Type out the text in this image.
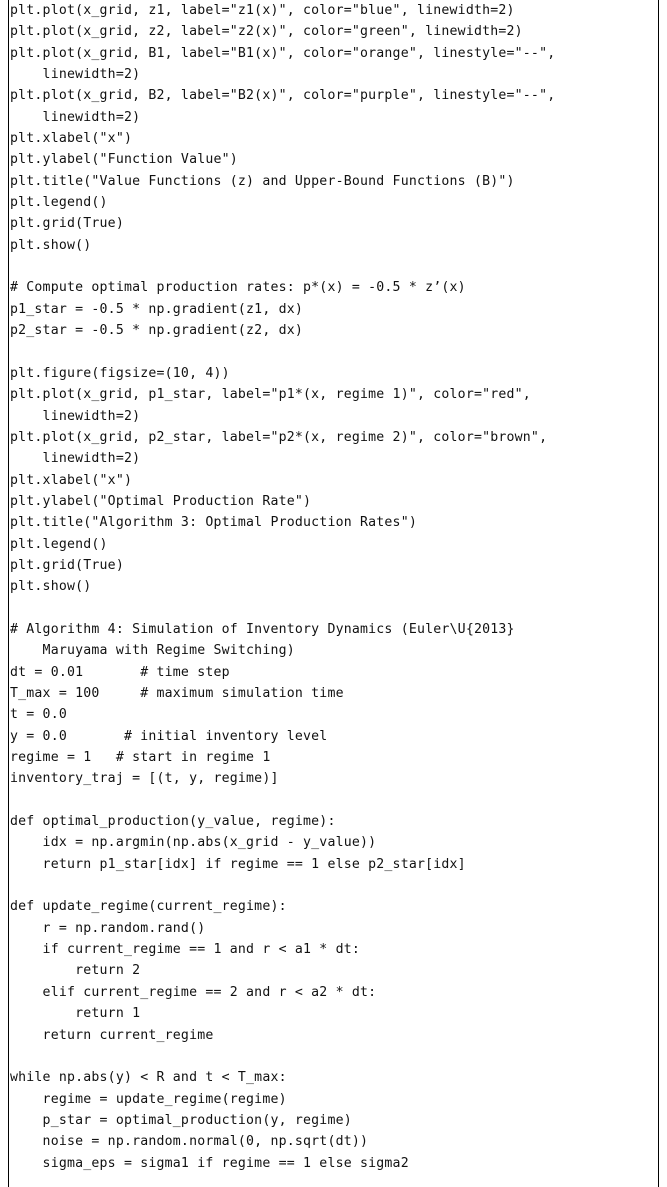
plt.plot(x_grid, z1, label="z1(x)", color="blue", linewidth=2)
plt.plot(x_grid, z2, label="z2(x)", color="green", linewidth=2)
plt.plot(x_grid, B1, label="B1(x)", color="orange", linestyle="--",
linewidth=2)
plt.plot(x_grid, B2, label="B2(x)", color="purple", linestyle="--",
linewidth=2)
plt.xlabel("x")
plt.ylabel("Function Value")
plt.title("Value Functions (z) and Upper-Bound Functions (B)")
plt.legend()
plt.grid(True)
plt.show()
# Compute optimal production rates: p*(x) = -0.5 * z’(x)
p1_star = -0.5 * np.gradient(z1, dx)
p2_star = -0.5 * np.gradient(z2, dx)
plt.figure(figsize=(10, 4))
plt.plot(x_grid, p1_star, label="p1*(x, regime 1)", color="red",
linewidth=2)
plt.plot(x_grid, p2_star, label="p2*(x, regime 2)", color="brown",
linewidth=2)
plt.xlabel("x")
plt.ylabel("Optimal Production Rate")
plt.title("Algorithm 3: Optimal Production Rates")
plt.legend()
plt.grid(True)
plt.show()
# Algorithm 4: Simulation of Inventory Dynamics (Euler\U{2013}
Maruyama with Regime Switching)
dt = 0.01       # time step
T_max = 100     # maximum simulation time
t = 0.0
y = 0.0       # initial inventory level
regime = 1   # start in regime 1
inventory_traj = [(t, y, regime)]
def optimal_production(y_value, regime):
idx = np.argmin(np.abs(x_grid - y_value))
return p1_star[idx] if regime == 1 else p2_star[idx]
def update_regime(current_regime):
r = np.random.rand()
if current_regime == 1 and r < a1 * dt:
return 2
elif current_regime == 2 and r < a2 * dt:
return 1
return current_regime
while np.abs(y) < R and t < T_max:
regime = update_regime(regime)
p_star = optimal_production(y, regime)
noise = np.random.normal(0, np.sqrt(dt))
sigma_eps = sigma1 if regime == 1 else sigma2
